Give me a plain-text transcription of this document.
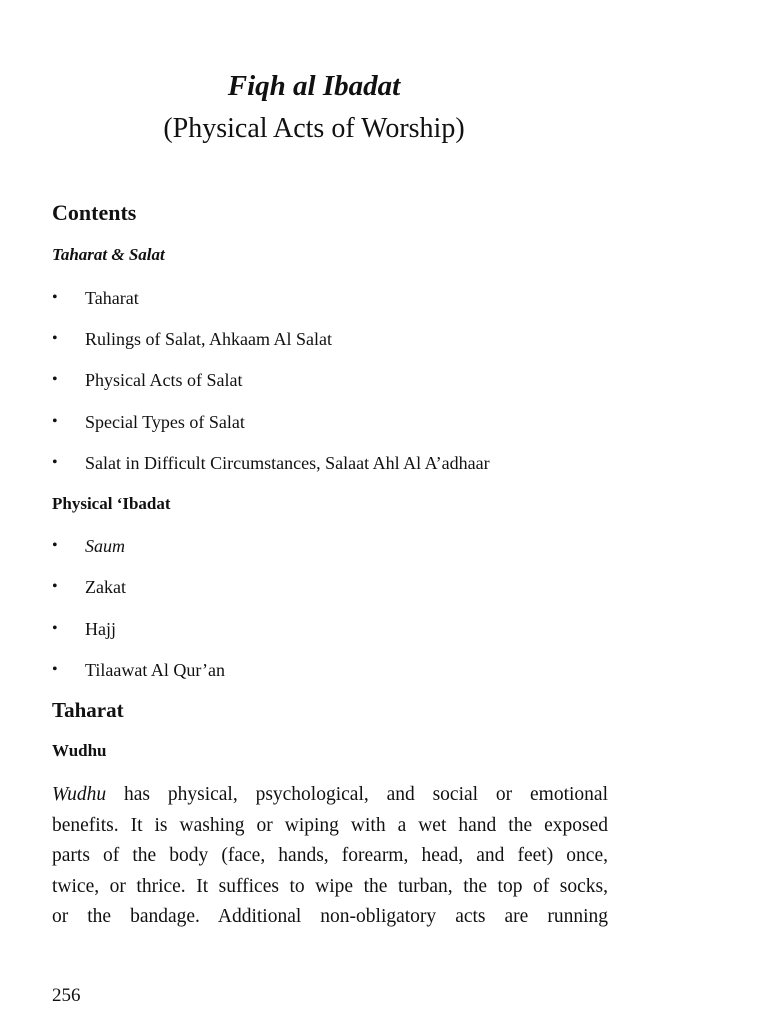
Fiqh al Ibadat
(Physical Acts of Worship)
Contents
Taharat & Salat
•	Taharat
•	Rulings of Salat, Ahkaam Al Salat
•	Physical Acts of Salat
•	Special Types of Salat
•	Salat in Difficult Circumstances, Salaat Ahl Al A’adhaar
Physical ‘Ibadat
•	Saum
•	Zakat
•	Hajj
•	Tilaawat Al Qur’an
Taharat
Wudhu
Wudhu has physical, psychological, and social or emotional
benefits. It is washing or wiping with a wet hand the exposed
parts of the body (face, hands, forearm, head, and feet) once,
twice, or thrice. It suffices to wipe the turban, the top of socks,
or the bandage. Additional non-obligatory acts are running
256
